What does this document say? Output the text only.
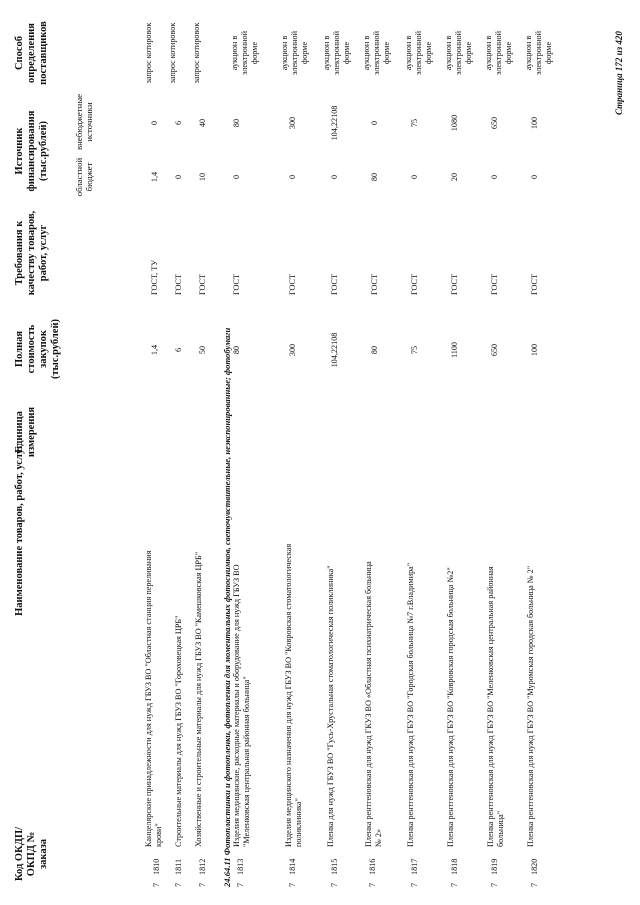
Код ОКДП/ ОКПД № заказа
Наименование товаров, работ, услуг
Единица измерения
Полная стоимость закупок (тыс.рублей)
Требования к качеству товаров, работ, услуг
Источник финансирования (тыс.рублей)	областной бюджет
внебюджетные источники
Способ определения поставщиков
7
1810
Канцелярские принадлежности для нужд ГБУЗ ВО "Областная станция переливания крови"
1,4
ГОСТ, ТУ
1,4
0
запрос котировок
7
1811
Строительные материалы для нужд ГБУЗ ВО "Гороховецкая ЦРБ"
6
ГОСТ
0
6
запрос котировок
7
1812
Хозяйственные и строительные материалы для нужд ГБУЗ ВО "Камешковская ЦРБ"
50
ГОСТ
10
40
запрос котировок
24.64.11 Фотопластинки и фотопленки, фотопленки для моментальных фотоснимков, светочувствительные, неэкспонированные; фотобумаги
7
1813
Изделия медицинские, расходные материалы и оборудование для нужд ГБУЗ ВО "Меленковская центральная районная больница"
80
ГОСТ
0
80
аукцион в электронной форме
7
1814
Изделия медицинского назначения для нужд ГБУЗ ВО "Ковровская стоматологическая поликлиника"
300
ГОСТ
0
300
аукцион в электронной форме
7
1815
Пленка для нужд ГБУЗ ВО "Гусь-Хрустальная стоматологическая поликлиника"
104,22108
ГОСТ
0
104,22108
аукцион в электронной форме
7
1816
Пленка рентгеновская для нужд ГКУЗ ВО «Областная психиатрическая больница № 2»
80
ГОСТ
80
0
аукцион в электронной форме
7
1817
Пленка рентгеновская для нужд ГБУЗ ВО "Городская больница №7 г.Владимира"
75
ГОСТ
0
75
аукцион в электронной форме
7
1818
Пленка рентгеновская для нужд ГБУЗ ВО "Ковровская городская больница №2"
1100
ГОСТ
20
1080
аукцион в электронной форме
7
1819
Пленка рентгеновская для нужд ГБУЗ ВО "Меленковская центральная районная больница"
650
ГОСТ
0
650
аукцион в электронной форме
7
1820
Пленка рентгеновская для нужд ГБУЗ ВО "Муромская городская больница № 2"
100
ГОСТ
0
100
аукцион в электронной форме	Страница 172 из 420
